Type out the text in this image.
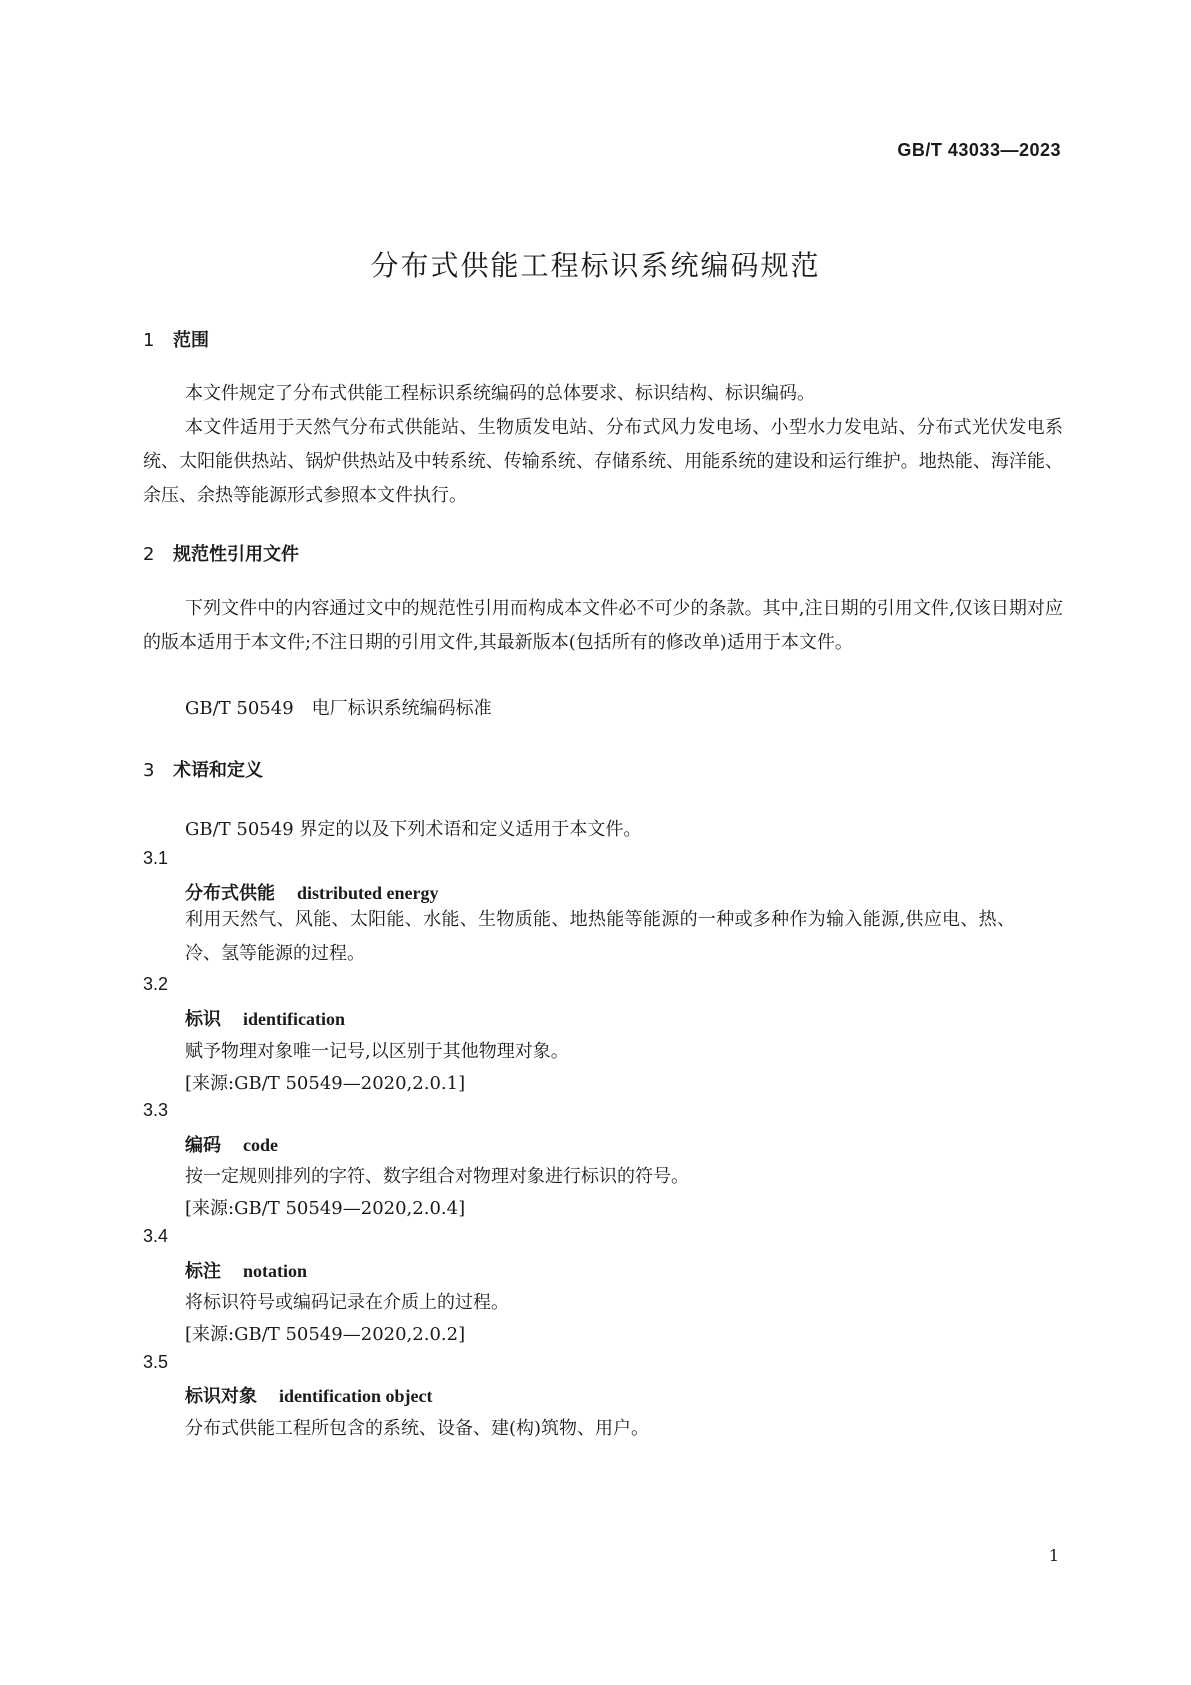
GB/T 43033—2023
分布式供能工程标识系统编码规范
1 范围
本文件规定了分布式供能工程标识系统编码的总体要求、标识结构、标识编码。
本文件适用于天然气分布式供能站、生物质发电站、分布式风力发电场、小型水力发电站、分布式光伏发电系统、太阳能供热站、锅炉供热站及中转系统、传输系统、存储系统、用能系统的建设和运行维护。地热能、海洋能、余压、余热等能源形式参照本文件执行。
2 规范性引用文件
下列文件中的内容通过文中的规范性引用而构成本文件必不可少的条款。其中,注日期的引用文件,仅该日期对应的版本适用于本文件;不注日期的引用文件,其最新版本(包括所有的修改单)适用于本文件。
GB/T 50549　电厂标识系统编码标准
3 术语和定义
GB/T 50549 界定的以及下列术语和定义适用于本文件。
3.1
分布式供能 distributed energy
利用天然气、风能、太阳能、水能、生物质能、地热能等能源的一种或多种作为输入能源,供应电、热、冷、氢等能源的过程。
3.2
标识 identification
赋予物理对象唯一记号,以区别于其他物理对象。
[来源:GB/T 50549—2020,2.0.1]
3.3
编码 code
按一定规则排列的字符、数字组合对物理对象进行标识的符号。
[来源:GB/T 50549—2020,2.0.4]
3.4
标注 notation
将标识符号或编码记录在介质上的过程。
[来源:GB/T 50549—2020,2.0.2]
3.5
标识对象 identification object
分布式供能工程所包含的系统、设备、建(构)筑物、用户。
1
